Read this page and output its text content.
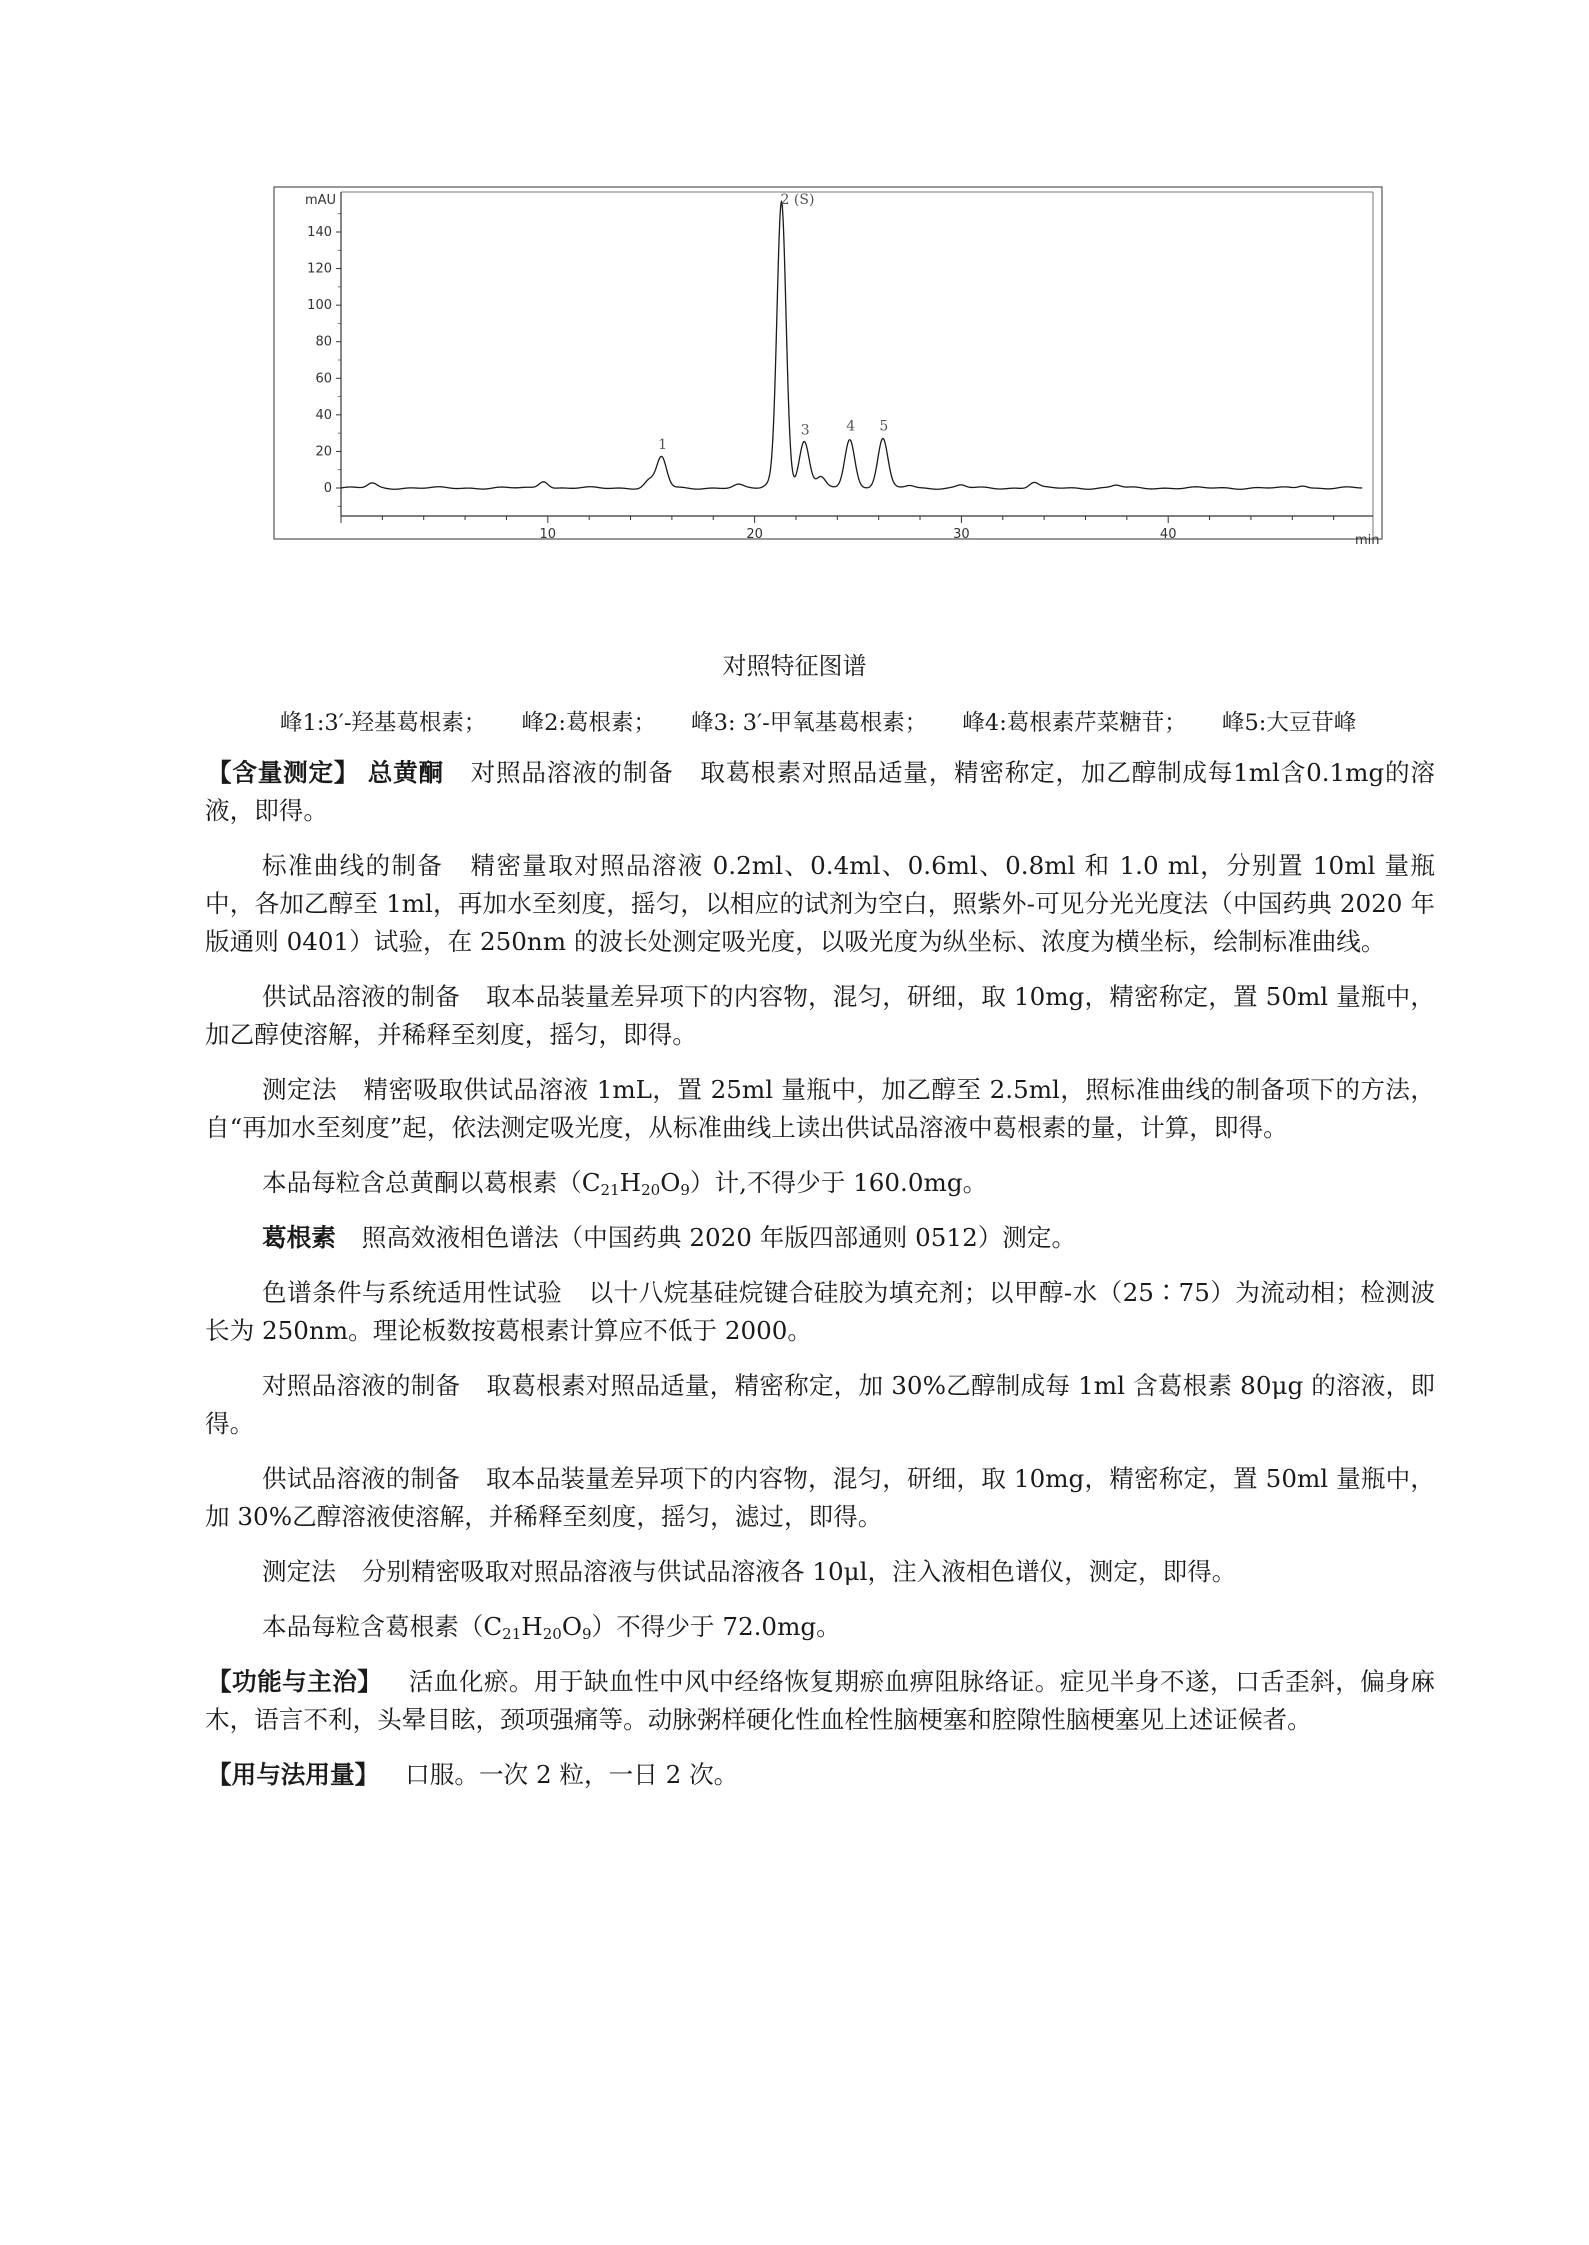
mAU
0
20
40
60
80
100
120
140
10	20	30	40	min
1
2 (S)
3	4 5
对照特征图谱
峰1:3′-羟基葛根素； 峰2:葛根素； 峰3: 3′-甲氧基葛根素； 峰4:葛根素芹菜糖苷； 峰5:大豆苷峰

【含量测定】 总黄酮 对照品溶液的制备 取葛根素对照品适量，精密称定，加乙醇制成每1ml含0.1mg的溶液，即得。

标准曲线的制备 精密量取对照品溶液 0.2ml、0.4ml、0.6ml、0.8ml 和 1.0 ml，分别置 10ml 量瓶中，各加乙醇至 1ml，再加水至刻度，摇匀，以相应的试剂为空白，照紫外-可见分光光度法（中国药典 2020 年版通则 0401）试验，在 250nm 的波长处测定吸光度，以吸光度为纵坐标、浓度为横坐标，绘制标准曲线。

供试品溶液的制备 取本品装量差异项下的内容物，混匀，研细，取 10mg，精密称定，置 50ml 量瓶中，加乙醇使溶解，并稀释至刻度，摇匀，即得。

测定法 精密吸取供试品溶液 1mL，置 25ml 量瓶中，加乙醇至 2.5ml，照标准曲线的制备项下的方法，自“再加水至刻度”起，依法测定吸光度，从标准曲线上读出供试品溶液中葛根素的量，计算，即得。

本品每粒含总黄酮以葛根素$(C_{21}H_{20}O_9)$计,不得少于 160.0mg。

葛根素 照高效液相色谱法（中国药典 2020 年版四部通则 0512）测定。

色谱条件与系统适用性试验 以十八烷基硅烷键合硅胶为填充剂；以甲醇-水（25∶75）为流动相；检测波长为 250nm。理论板数按葛根素计算应不低于 2000。

对照品溶液的制备 取葛根素对照品适量，精密称定，加 30%乙醇制成每 1ml 含葛根素 80μg 的溶液，即得。

供试品溶液的制备 取本品装量差异项下的内容物，混匀，研细，取 10mg，精密称定，置 50ml 量瓶中，加 30%乙醇溶液使溶解，并稀释至刻度，摇匀，滤过，即得。

测定法 分别精密吸取对照品溶液与供试品溶液各 10μl，注入液相色谱仪，测定，即得。

本品每粒含葛根素$(C_{21}H_{20}O_9)$不得少于 72.0mg。

【功能与主治】 活血化瘀。用于缺血性中风中经络恢复期瘀血痹阻脉络证。症见半身不遂，口舌歪斜，偏身麻木，语言不利，头晕目眩，颈项强痛等。动脉粥样硬化性血栓性脑梗塞和腔隙性脑梗塞见上述证候者。

【用与法用量】 口服。一次 2 粒，一日 2 次。
